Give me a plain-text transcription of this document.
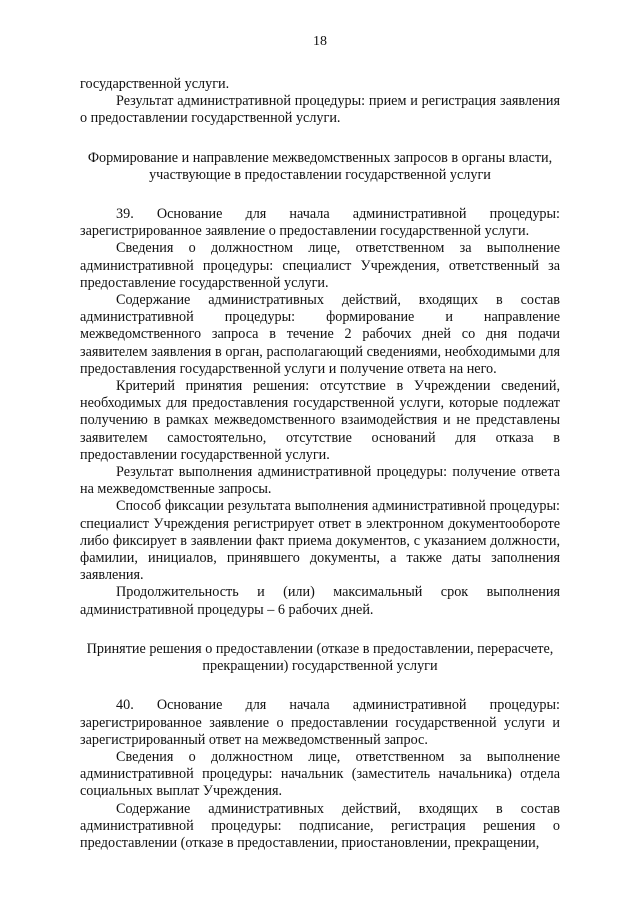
18

государственной услуги.

Результат административной процедуры: прием и регистрация заявления о предоставлении государственной услуги.

Формирование и направление межведомственных запросов в органы власти, участвующие в предоставлении государственной услуги

39. Основание для начала административной процедуры: зарегистрированное заявление о предоставлении государственной услуги.

Сведения о должностном лице, ответственном за выполнение административной процедуры: специалист Учреждения, ответственный за предоставление государственной услуги.

Содержание административных действий, входящих в состав административной процедуры: формирование и направление межведомственного запроса в течение 2 рабочих дней со дня подачи заявителем заявления в орган, располагающий сведениями, необходимыми для предоставления государственной услуги и получение ответа на него.

Критерий принятия решения: отсутствие в Учреждении сведений, необходимых для предоставления государственной услуги, которые подлежат получению в рамках межведомственного взаимодействия и не представлены заявителем самостоятельно, отсутствие оснований для отказа в предоставлении государственной услуги.

Результат выполнения административной процедуры: получение ответа на межведомственные запросы.

Способ фиксации результата выполнения административной процедуры: специалист Учреждения регистрирует ответ в электронном документообороте либо фиксирует в заявлении факт приема документов, с указанием должности, фамилии, инициалов, принявшего документы, а также даты заполнения заявления.

Продолжительность и (или) максимальный срок выполнения административной процедуры – 6 рабочих дней.

Принятие решения о предоставлении (отказе в предоставлении, перерасчете, прекращении) государственной услуги

40. Основание для начала административной процедуры: зарегистрированное заявление о предоставлении государственной услуги и зарегистрированный ответ на межведомственный запрос.

Сведения о должностном лице, ответственном за выполнение административной процедуры: начальник (заместитель начальника) отдела социальных выплат Учреждения.

Содержание административных действий, входящих в состав административной процедуры: подписание, регистрация решения о предоставлении (отказе в предоставлении, приостановлении, прекращении,
